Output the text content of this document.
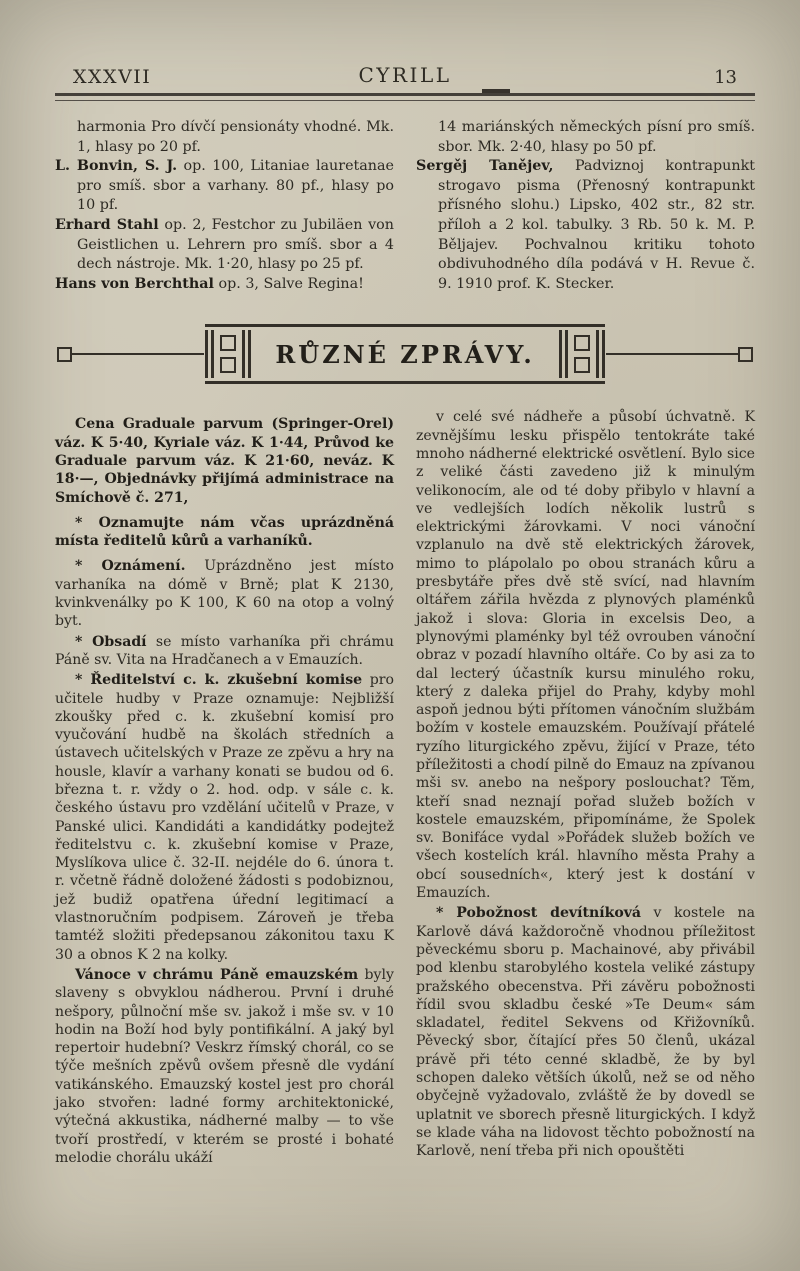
XXXVII	CYRILL	13

harmonia Pro dívčí pensionáty vhodné. Mk. 1, hlasy po 20 pf.

L. Bonvin, S. J. op. 100, Litaniae lauretanae pro smíš. sbor a varhany. 80 pf., hlasy po 10 pf.

Erhard Stahl op. 2, Festchor zu Jubiläen von Geistlichen u. Lehrern pro smíš. sbor a 4 dech nástroje. Mk. 1·20, hlasy po 25 pf.

Hans von Berchthal op. 3, Salve Regina!

14 mariánských německých písní pro smíš. sbor. Mk. 2·40, hlasy po 50 pf.

Sergěj Tanějev, Padviznoj kontrapunkt strogavo pisma (Přenosný kontrapunkt přísného slohu.) Lipsko, 402 str., 82 str. příloh a 2 kol. tabulky. 3 Rb. 50 k. M. P. Běljajev. Pochvalnou kritiku tohoto obdivuhodného díla podává v H. Revue č. 9. 1910 prof. K. Stecker.

RŮZNÉ ZPRÁVY.

Cena Graduale parvum (Springer-Orel) váz. K 5·40, Kyriale váz. K 1·44, Průvod ke Graduale parvum váz. K 21·60, neváz. K 18·—, Objednávky přijímá administrace na Smíchově č. 271,

* Oznamujte nám včas uprázdněná místa ředitelů kůrů a varhaníků.

* Oznámení. Uprázdněno jest místo varhaníka na dómě v Brně; plat K 2130, kvinkvenálky po K 100, K 60 na otop a volný byt.

* Obsadí se místo varhaníka při chrámu Páně sv. Vita na Hradčanech a v Emauzích.

* Ředitelství c. k. zkušební komise pro učitele hudby v Praze oznamuje: Nejbližší zkoušky před c. k. zkušební komisí pro vyučování hudbě na školách středních a ústavech učitelských v Praze ze zpěvu a hry na housle, klavír a varhany konati se budou od 6. března t. r. vždy o 2. hod. odp. v sále c. k. českého ústavu pro vzdělání učitelů v Praze, v Panské ulici. Kandidáti a kandidátky podejtež ředitelstvu c. k. zkušební komise v Praze, Myslíkova ulice č. 32-II. nejdéle do 6. února t. r. včetně řádně doložené žádosti s podobiznou, jež budiž opatřena úřední legitimací a vlastnoručním podpisem. Zároveň je třeba tamtéž složiti předepsanou zákonitou taxu K 30 a obnos K 2 na kolky.

Vánoce v chrámu Páně emauzském byly slaveny s obvyklou nádherou. První i druhé nešpory, půlnoční mše sv. jakož i mše sv. v 10 hodin na Boží hod byly pontifikální. A jaký byl repertoir hudební? Veskrz římský chorál, co se týče mešních zpěvů ovšem přesně dle vydání vatikánského. Emauzský kostel jest pro chorál jako stvořen: ladné formy architektonické, výtečná akkustika, nádherné malby — to vše tvoří prostředí, v kterém se prosté i bohaté melodie chorálu ukáží

v celé své nádheře a působí úchvatně. K zevnějšímu lesku přispělo tentokráte také mnoho nádherné elektrické osvětlení. Bylo sice z veliké části zavedeno již k minulým velikonocím, ale od té doby přibylo v hlavní a ve vedlejších lodích několik lustrů s elektrickými žárovkami. V noci vánoční vzplanulo na dvě stě elektrických žárovek, mimo to plápolalo po obou stranách kůru a presbytáře přes dvě stě svící, nad hlavním oltářem zářila hvězda z plynových plaménků jakož i slova: Gloria in excelsis Deo, a plynovými plaménky byl též ovrouben vánoční obraz v pozadí hlavního oltáře. Co by asi za to dal lecterý účastník kursu minulého roku, který z daleka přijel do Prahy, kdyby mohl aspoň jednou býti přítomen vánočním službám božím v kostele emauzském. Používají přátelé ryzího liturgického zpěvu, žijící v Praze, této příležitosti a chodí pilně do Emauz na zpívanou mši sv. anebo na nešpory poslouchat? Těm, kteří snad neznají pořad služeb božích v kostele emauzském, připomínáme, že Spolek sv. Bonifáce vydal »Pořádek služeb božích ve všech kostelích král. hlavního města Prahy a obcí sousedních«, který jest k dostání v Emauzích.

* Pobožnost devítníková v kostele na Karlově dává každoročně vhodnou příležitost pěveckému sboru p. Machainové, aby přivábil pod klenbu starobylého kostela veliké zástupy pražského obecenstva. Při závěru pobožnosti řídil svou skladbu české »Te Deum« sám skladatel, ředitel Sekvens od Křižovníků. Pěvecký sbor, čítající přes 50 členů, ukázal právě při této cenné skladbě, že by byl schopen daleko větších úkolů, než se od něho obyčejně vyžadovalo, zvláště že by dovedl se uplatnit ve sborech přesně liturgických. I když se klade váha na lidovost těchto pobožností na Karlově, není třeba při nich opouštěti
